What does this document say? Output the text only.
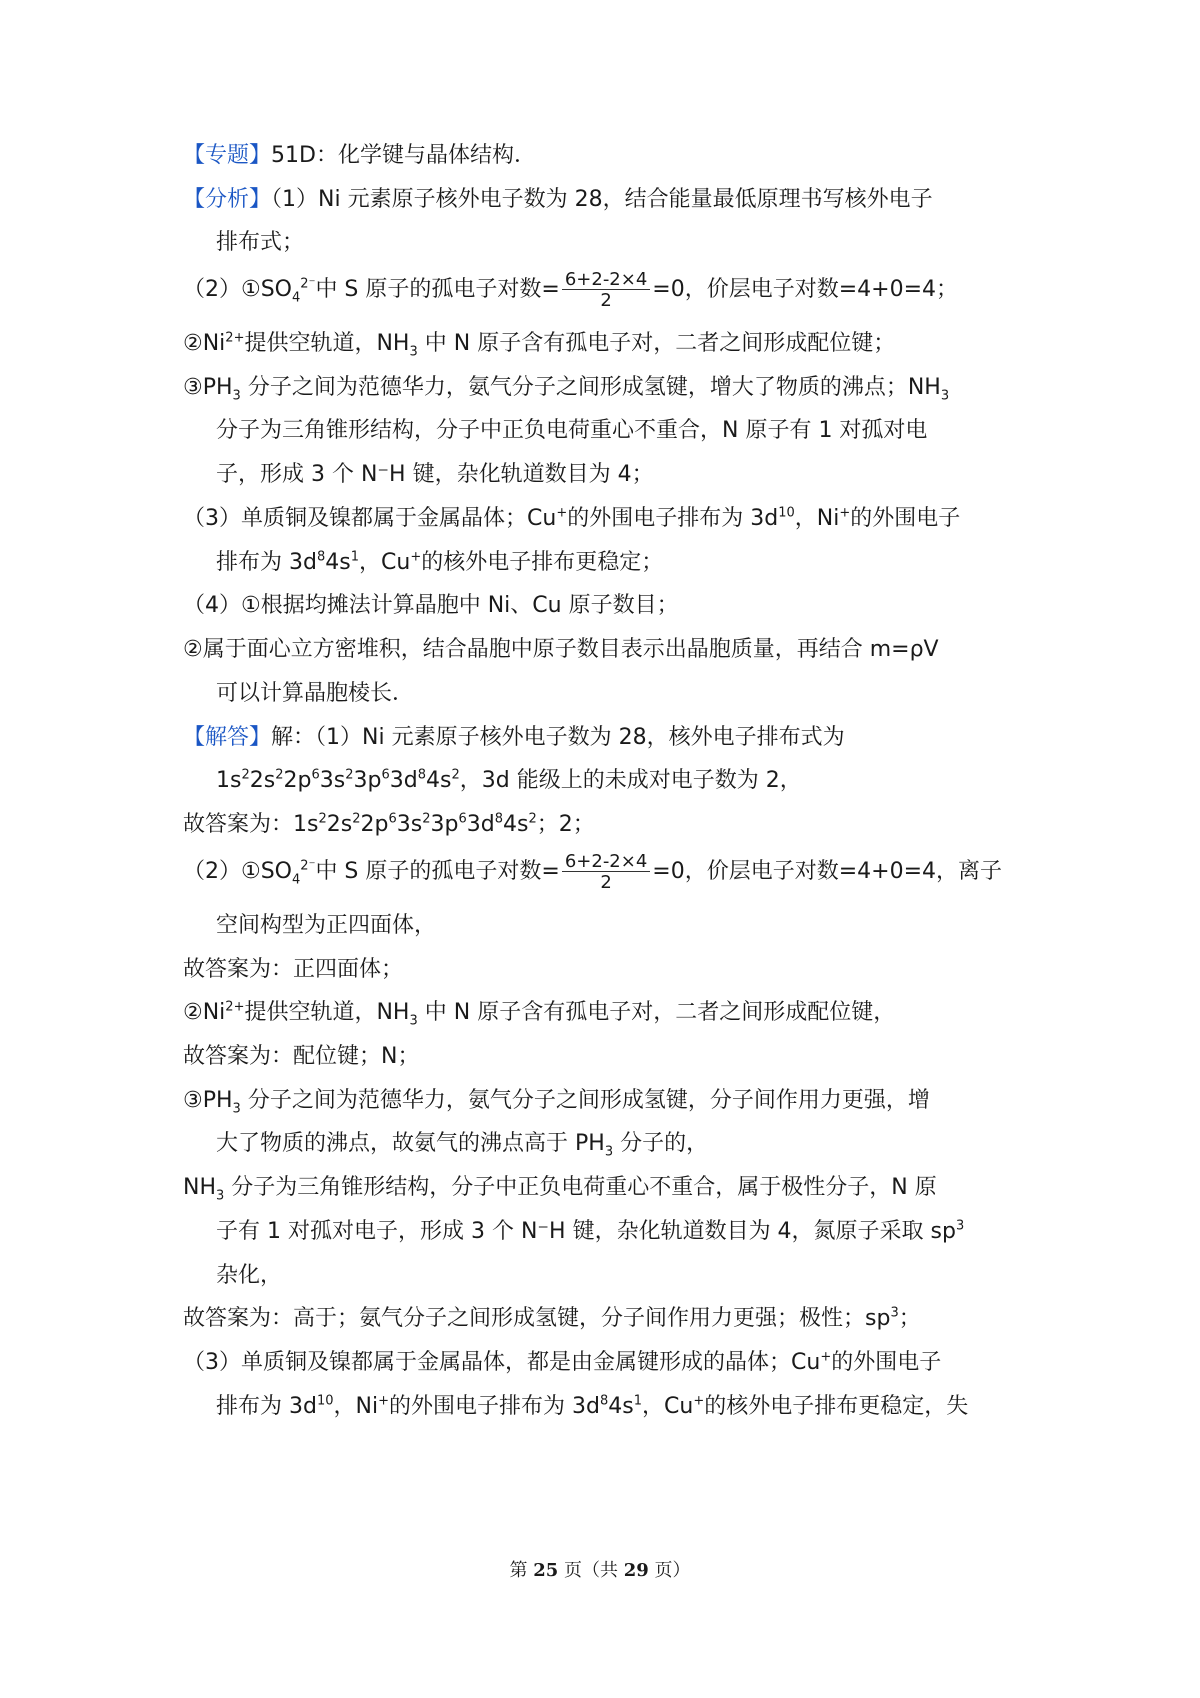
【专题】51D：化学键与晶体结构．
【分析】（1）Ni 元素原子核外电子数为 28，结合能量最低原理书写核外电子
排布式；
$(2)①SO_4^{2^-}$中 S 原子的孤电子对数= $\frac{6+2-2\times 4}{2} =0$，价层电子对数=4+0=4；
$②Ni^{2+}$提供空轨道，$NH_3$ 中 N 原子含有孤电子对，二者之间形成配位键；
$③PH_3$ 分子之间为范德华力，氨气分子之间形成氢键，增大了物质的沸点；$NH_3$
分子为三角锥形结构，分子中正负电荷重心不重合，N 原子有 1 对孤对电
子，形成 3 个 N⁻H 键，杂化轨道数目为 4；
（3）单质铜及镍都属于金属晶体；Cu+的外围电子排布为 $3d^{10}$，Ni+的外围电子
排布为 $3d^84s^1$，Cu+的核外电子排布更稳定；
（4）①根据均摊法计算晶胞中 Ni、Cu 原子数目；
②属于面心立方密堆积，结合晶胞中原子数目表示出晶胞质量，再结合 m=ρV
可以计算晶胞棱长．
【解答】解：（1）Ni 元素原子核外电子数为 28，核外电子排布式为
$1s^22s^22p^63s^23p^63d^84s^2$，3d 能级上的未成对电子数为 2，
故答案为：$1s^22s^22p^63s^23p^63d^84s^2$；2；
$(2)①SO_4^{2^-}$中 S 原子的孤电子对数= $\frac{6+2-2\times 4}{2} =0$，价层电子对数=4+0=4，离子
空间构型为正四面体，
故答案为：正四面体；
$②Ni^{2+}$提供空轨道，$NH_3$ 中 N 原子含有孤电子对，二者之间形成配位键，
故答案为：配位键；N；
$③PH_3$ 分子之间为范德华力，氨气分子之间形成氢键，分子间作用力更强，增
大了物质的沸点，故氨气的沸点高于 $PH_3$ 分子的，
$NH_3$ 分子为三角锥形结构，分子中正负电荷重心不重合，属于极性分子，N 原
子有 1 对孤对电子，形成 3 个 N⁻H 键，杂化轨道数目为 4，氮原子采取 $sp^3$
杂化，
故答案为：高于；氨气分子之间形成氢键，分子间作用力更强；极性；$sp^3$；
（3）单质铜及镍都属于金属晶体，都是由金属键形成的晶体；Cu+的外围电子
排布为 $3d^{10}$，Ni+的外围电子排布为 $3d^84s^1$，Cu+的核外电子排布更稳定，失
第 25 页（共 29 页）
